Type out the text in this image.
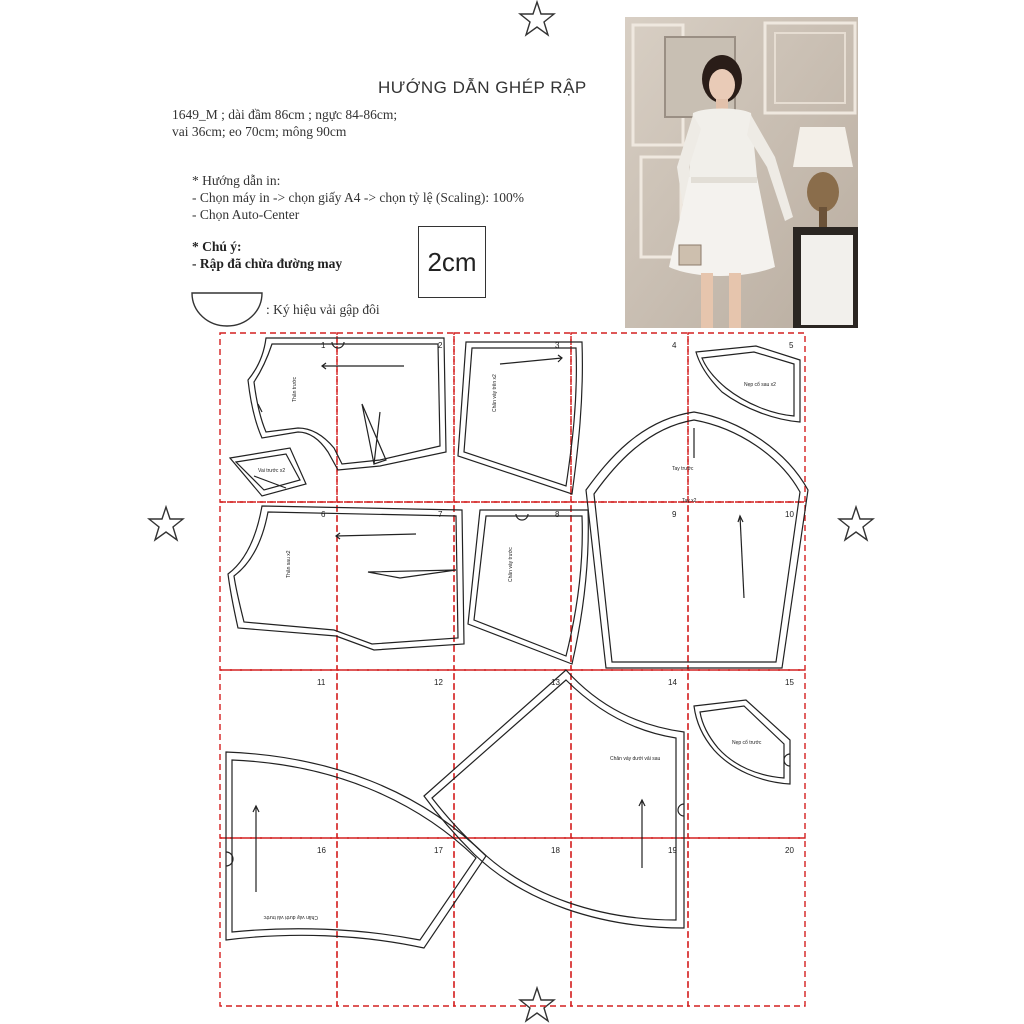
HƯỚNG DẪN GHÉP RẬP
1649_M ; dài đầm 86cm ; ngực 84-86cm;
vai 36cm; eo 70cm; mông 90cm
* Hướng dẫn in:
- Chọn máy in -> chọn giấy A4 -> chọn tỷ lệ (Scaling): 100%
- Chọn Auto-Center
* Chú ý:
- Rập đã chừa đường may	2cm
: Ký hiệu vải gập đôi
1	2	3	4	5
6	7	8	9	10
11	12	13	14	15
16	17	18	19	20
Thân trước	Chân váy trên x2	Nẹp cổ sau x2
Vai trước x2	Tay trước
Tay x2
Thân sau x2	Chân váy trước
Nẹp cổ trước
Chân váy dưới vải sau
Chân váy dưới vải trước
